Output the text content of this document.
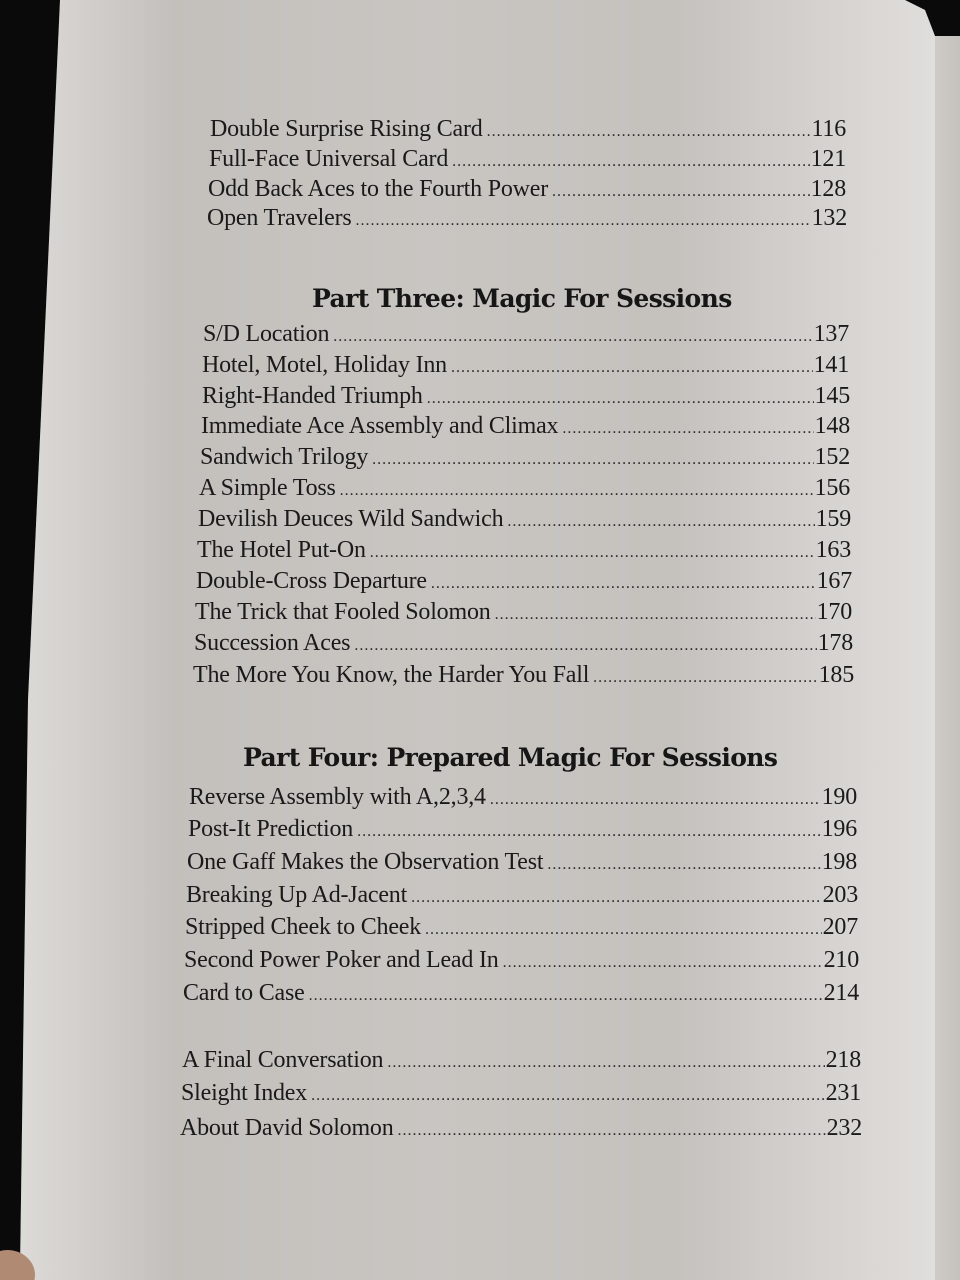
Double Surprise Rising Card .....	116
Full-Face Universal Card .....	121
Odd Back Aces to the Fourth Power .....	128
Open Travelers .....	132
Part Three: Magic For Sessions
S/D Location .....	137
Hotel, Motel, Holiday Inn .....	141
Right-Handed Triumph .....	145
Immediate Ace Assembly and Climax .....	148
Sandwich Trilogy .....	152
A Simple Toss .....	156
Devilish Deuces Wild Sandwich .....	159
The Hotel Put-On .....	163
Double-Cross Departure .....	167
The Trick that Fooled Solomon .....	170
Succession Aces .....	178
The More You Know, the Harder You Fall .....	185
Part Four: Prepared Magic For Sessions
Reverse Assembly with A,2,3,4 .....	190
Post-It Prediction .....	196
One Gaff Makes the Observation Test .....	198
Breaking Up Ad-Jacent .....	203
Stripped Cheek to Cheek .....	207
Second Power Poker and Lead In .....	210
Card to Case .....	214
A Final Conversation .....	218
Sleight Index .....	231
About David Solomon .....	232
